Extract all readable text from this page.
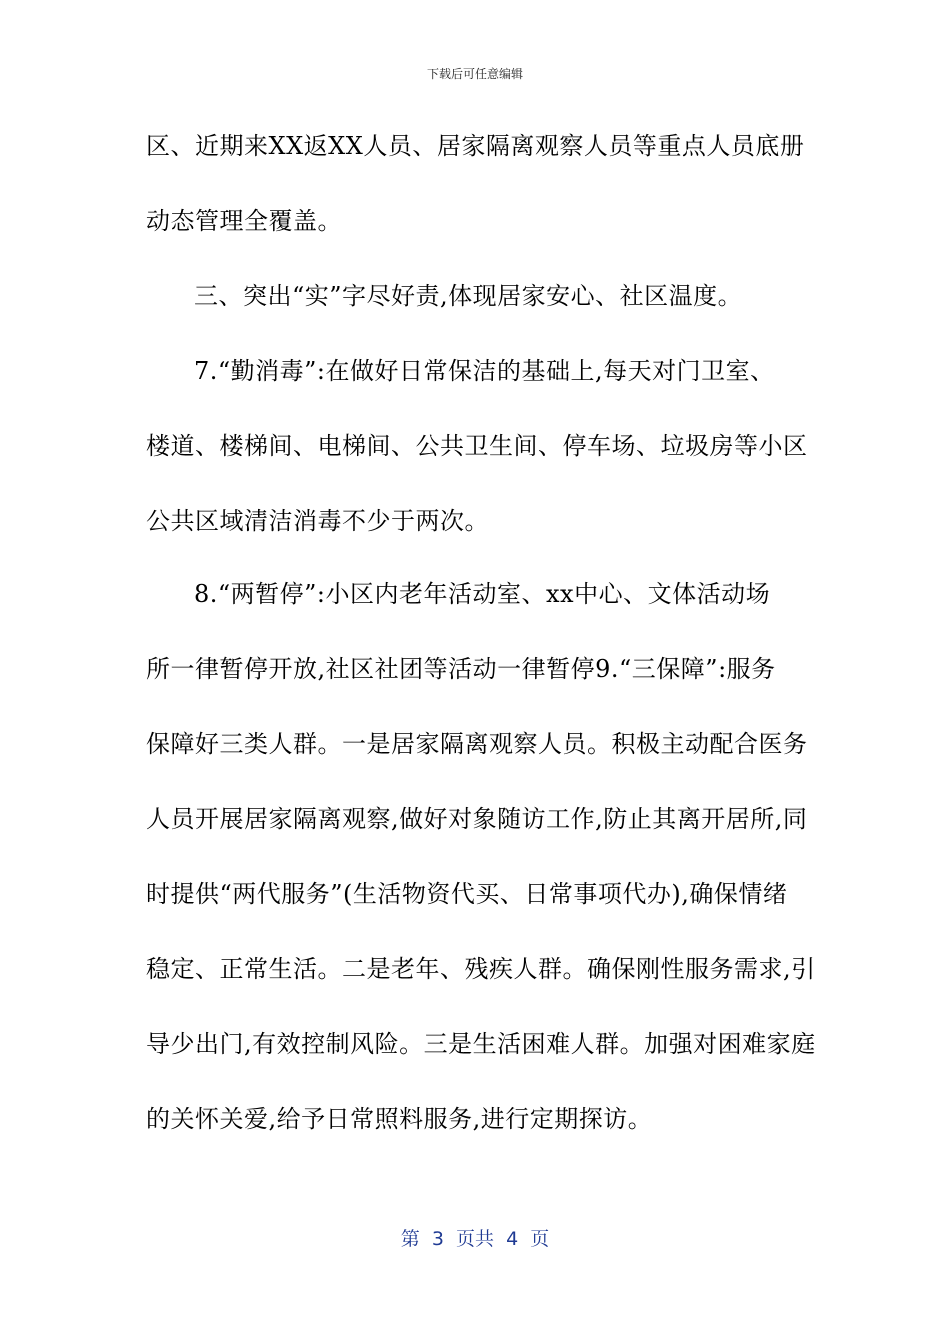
下载后可任意编辑
区、近期来XX返XX人员、居家隔离观察人员等重点人员底册
动态管理全覆盖。
三、突出“实”字尽好责,体现居家安心、社区温度。
7.“勤消毒”:在做好日常保洁的基础上,每天对门卫室、
楼道、楼梯间、电梯间、公共卫生间、停车场、垃圾房等小区
公共区域清洁消毒不少于两次。
8.“两暂停”:小区内老年活动室、xx中心、文体活动场
所一律暂停开放,社区社团等活动一律暂停9.“三保障”:服务
保障好三类人群。一是居家隔离观察人员。积极主动配合医务
人员开展居家隔离观察,做好对象随访工作,防止其离开居所,同
时提供“两代服务”(生活物资代买、日常事项代办),确保情绪
稳定、正常生活。二是老年、残疾人群。确保刚性服务需求,引
导少出门,有效控制风险。三是生活困难人群。加强对困难家庭
的关怀关爱,给予日常照料服务,进行定期探访。
第  3  页共  4  页
